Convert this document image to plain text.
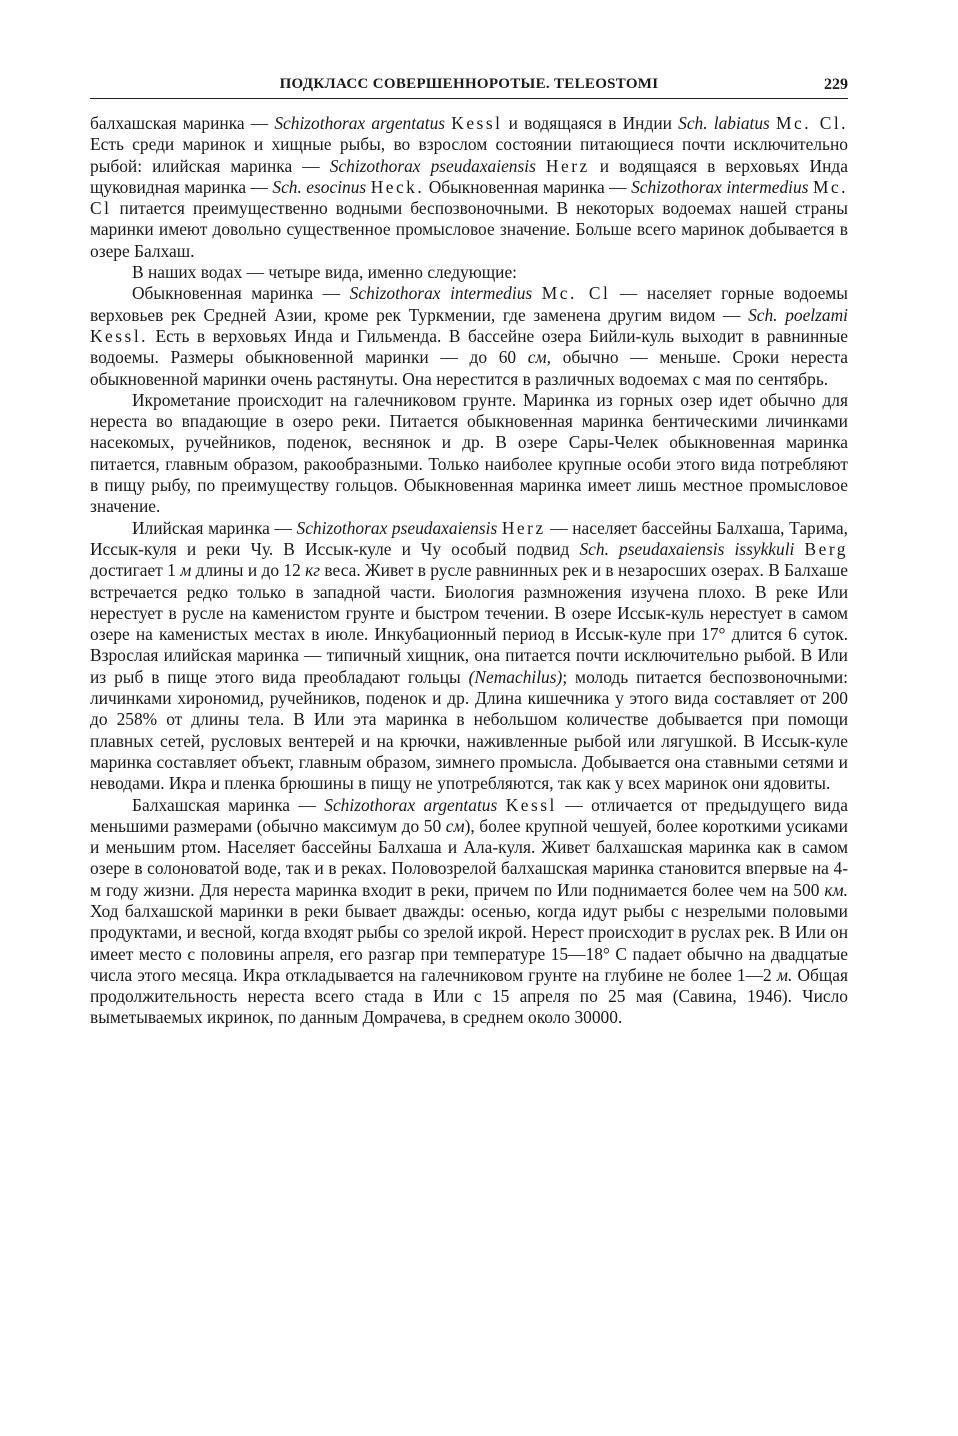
ПОДКЛАСС СОВЕРШЕННОРОТЫЕ. TELEOSTOMI	229

балхашская маринка — Schizothorax argentatus Kessl и водящаяся в Индии Sch. labiatus Mc. Cl. Есть среди маринок и хищные рыбы, во взрослом состоянии питающиеся почти исключительно рыбой: илийская маринка — Schizothorax pseudaxaiensis Herz и водящаяся в верховьях Инда щуковидная маринка — Sch. esocinus Heck. Обыкновенная маринка — Schizothorax intermedius Mc. Cl питается преимущественно водными беспозвоночными. В некоторых водоемах нашей страны маринки имеют довольно существенное промысловое значение. Больше всего маринок добывается в озере Балхаш.

В наших водах — четыре вида, именно следующие:

Обыкновенная маринка — Schizothorax intermedius Mc. Cl — населяет горные водоемы верховьев рек Средней Азии, кроме рек Туркмении, где заменена другим видом — Sch. poelzami Kessl. Есть в верховьях Инда и Гильменда. В бассейне озера Бийли-куль выходит в равнинные водоемы. Размеры обыкновенной маринки — до 60 см, обычно — меньше. Сроки нереста обыкновенной маринки очень растянуты. Она нерестится в различных водоемах с мая по сентябрь.

Икрометание происходит на галечниковом грунте. Маринка из горных озер идет обычно для нереста во впадающие в озеро реки. Питается обыкновенная маринка бентическими личинками насекомых, ручейников, поденок, веснянок и др. В озере Сары-Челек обыкновенная маринка питается, главным образом, ракообразными. Только наиболее крупные особи этого вида потребляют в пищу рыбу, по преимуществу гольцов. Обыкновенная маринка имеет лишь местное промысловое значение.

Илийская маринка — Schizothorax pseudaxaiensis Herz — населяет бассейны Балхаша, Тарима, Иссык-куля и реки Чу. В Иссык-куле и Чу особый подвид Sch. pseudaxaiensis issykkuli Berg достигает 1 м длины и до 12 кг веса. Живет в русле равнинных рек и в незаросших озерах. В Балхаше встречается редко только в западной части. Биология размножения изучена плохо. В реке Или нерестует в русле на каменистом грунте и быстром течении. В озере Иссык-куль нерестует в самом озере на каменистых местах в июле. Инкубационный период в Иссык-куле при 17° длится 6 суток. Взрослая илийская маринка — типичный хищник, она питается почти исключительно рыбой. В Или из рыб в пище этого вида преобладают гольцы (Nemachilus); молодь питается беспозвоночными: личинками хирономид, ручейников, поденок и др. Длина кишечника у этого вида составляет от 200 до 258% от длины тела. В Или эта маринка в небольшом количестве добывается при помощи плавных сетей, русловых вентерей и на крючки, наживленные рыбой или лягушкой. В Иссык-куле маринка составляет объект, главным образом, зимнего промысла. Добывается она ставными сетями и неводами. Икра и пленка брюшины в пищу не употребляются, так как у всех маринок они ядовиты.

Балхашская маринка — Schizothorax argentatus Kessl — отличается от предыдущего вида меньшими размерами (обычно максимум до 50 см), более крупной чешуей, более короткими усиками и меньшим ртом. Населяет бассейны Балхаша и Ала-куля. Живет балхашская маринка как в самом озере в солоноватой воде, так и в реках. Половозрелой балхашская маринка становится впервые на 4-м году жизни. Для нереста маринка входит в реки, причем по Или поднимается более чем на 500 км. Ход балхашской маринки в реки бывает дважды: осенью, когда идут рыбы с незрелыми половыми продуктами, и весной, когда входят рыбы со зрелой икрой. Нерест происходит в руслах рек. В Или он имеет место с половины апреля, его разгар при температуре 15—18° С падает обычно на двадцатые числа этого месяца. Икра откладывается на галечниковом грунте на глубине не более 1—2 м. Общая продолжительность нереста всего стада в Или с 15 апреля по 25 мая (Савина, 1946). Число выметываемых икринок, по данным Домрачева, в среднем около 30000.
